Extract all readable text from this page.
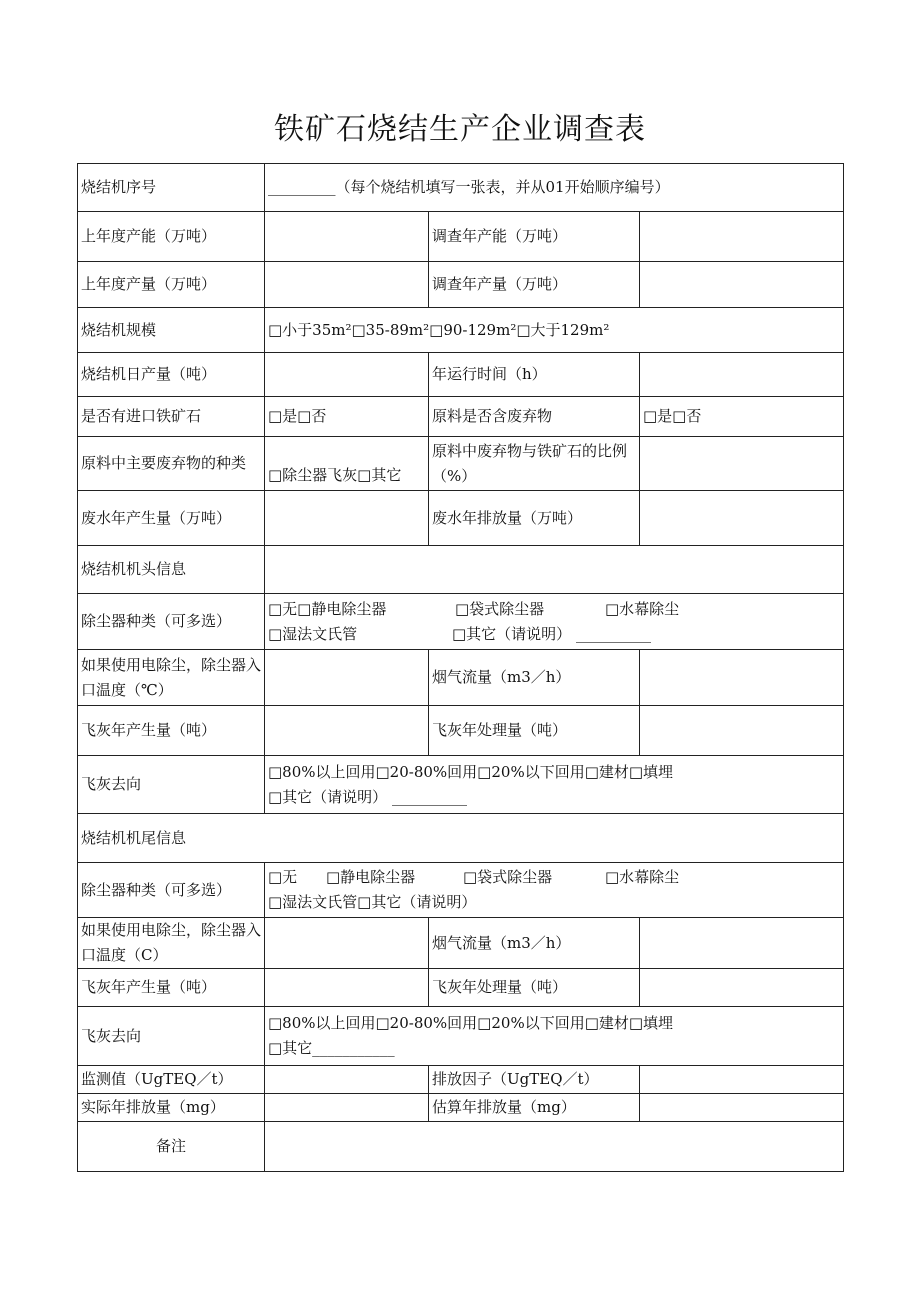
铁矿石烧结生产企业调查表
烧结机序号	_________（每个烧结机填写一张表，并从01开始顺序编号）		
上年度产能（万吨）		调查年产能（万吨）	
上年度产量（万吨）		调查年产量（万吨）	
烧结机规模	□小于35m²□35-89m²□90-129m²□大于129m²		
烧结机日产量（吨）		年运行时间（h）	
是否有进口铁矿石	□是□否	原料是否含废弃物	□是□否
原料中主要废弃物的种类	□除尘器飞灰□其它	原料中废弃物与铁矿石的比例（%）	
废水年产生量（万吨）		废水年排放量（万吨）	
烧结机机头信息			
除尘器种类（可多选）	□无□静电除尘器 □袋式除尘器 □水幕除尘
□湿法文氏管 □其它（请说明） __________		

如果使用电除尘，除尘器入口温度（℃）		烟气流量（m3／h）	
飞灰年产生量（吨）		飞灰年处理量（吨）	
飞灰去向	□80%以上回用□20-80%回用□20%以下回用□建材□填埋
□其它（请说明） __________		

烧结机机尾信息			
除尘器种类（可多选）	□无 □静电除尘器 □袋式除尘器 □水幕除尘
□湿法文氏管□其它（请说明）		

如果使用电除尘，除尘器入口温度（C）		烟气流量（m3／h）	
飞灰年产生量（吨）		飞灰年处理量（吨）	
飞灰去向	□80%以上回用□20-80%回用□20%以下回用□建材□填埋
□其它___________		

监测值（UgTEQ／t）		排放因子（UgTEQ／t）	
实际年排放量（mg）		估算年排放量（mg）	
备注			
